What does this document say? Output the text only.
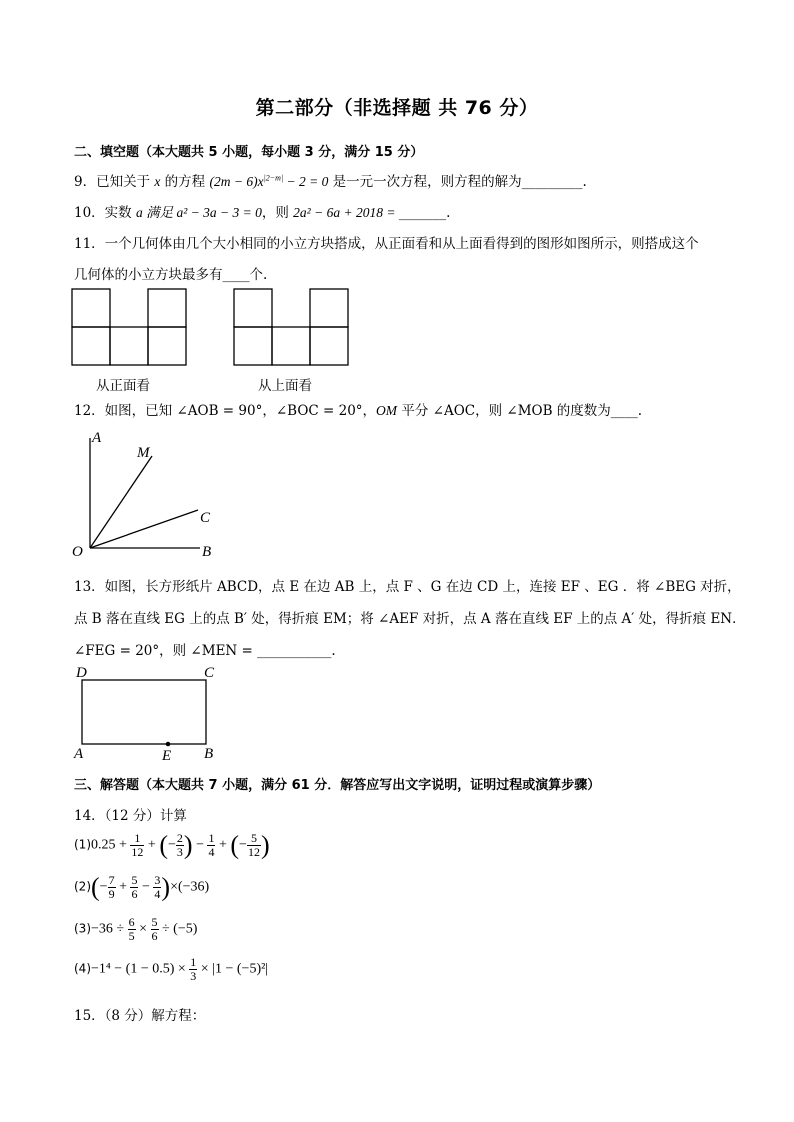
第二部分（非选择题 共 76 分）
二、填空题（本大题共 5 小题，每小题 3 分，满分 15 分）
9．已知关于 x 的方程 $(2m - 6)x^{|2-m|} - 2 = 0$ 是一元一次方程，则方程的解为_________.
10．实数 a 满足 a² − 3a − 3 = 0，则 2a² − 6a + 2018 = _______.
11．一个几何体由几个大小相同的小立方块搭成，从正面看和从上面看得到的图形如图所示，则搭成这个
几何体的小立方块最多有____个.
从正面看	从上面看
12．如图，已知 ∠AOB = 90°，∠BOC = 20°，OM 平分 ∠AOC，则 ∠MOB 的度数为____.
A
M
C
O	B
13．如图，长方形纸片 ABCD，点 E 在边 AB 上，点 F 、G 在边 CD 上，连接 EF 、EG ．将 ∠BEG 对折，
点 B 落在直线 EG 上的点 B′ 处，得折痕 EM；将 ∠AEF 对折，点 A 落在直线 EF 上的点 A′ 处，得折痕 EN．
∠FEG = 20°，则 ∠MEN = ___________.
D	C
A	E B
三、解答题（本大题共 7 小题，满分 61 分．解答应写出文字说明，证明过程或演算步骤）
14．（12 分）计算
$(1)0.25 + \frac{1}{12}$ + (− $\frac{2}{3}$ ) − $\frac{1}{4}$ + (− $\frac{5}{12}$ )
$(2)(- \frac{7}{9} + \frac{5}{6} - \frac{3}{4} )\times(-36)$
$(3)-36 \div \frac{6}{5} \times \frac{5}{6} \div (-5)$
$(4)-1^4 - (1 - 0.5) \times \frac{1}{3} \times |1 - (-5)^2|$
15．（8 分）解方程：
